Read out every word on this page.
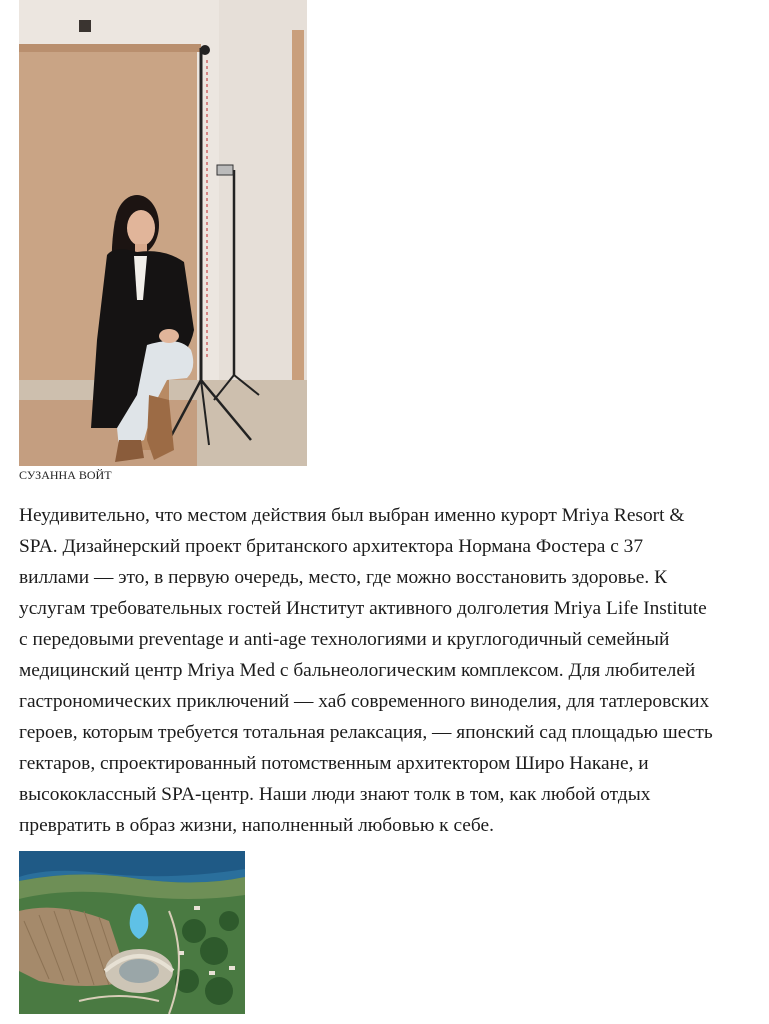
СУЗАННА ВОЙТ

Неудивительно, что местом действия был выбран именно курорт Mriya Resort &
SPA. Дизайнерский проект британского архитектора Нормана Фостера с 37
виллами — это, в первую очередь, место, где можно восстановить здоровье. К
услугам требовательных гостей Институт активного долголетия Mriya Life Institute
с передовыми preventage и anti-age технологиями и круглогодичный семейный
медицинский центр Mriya Med с бальнеологическим комплексом. Для любителей
гастрономических приключений — хаб современного виноделия, для татлеровских
героев, которым требуется тотальная релаксация, — японский сад площадью шесть
гектаров, спроектированный потомственным архитектором Широ Накане, и
высококлассный SPA-центр. Наши люди знают толк в том, как любой отдых
превратить в образ жизни, наполненный любовью к себе.
